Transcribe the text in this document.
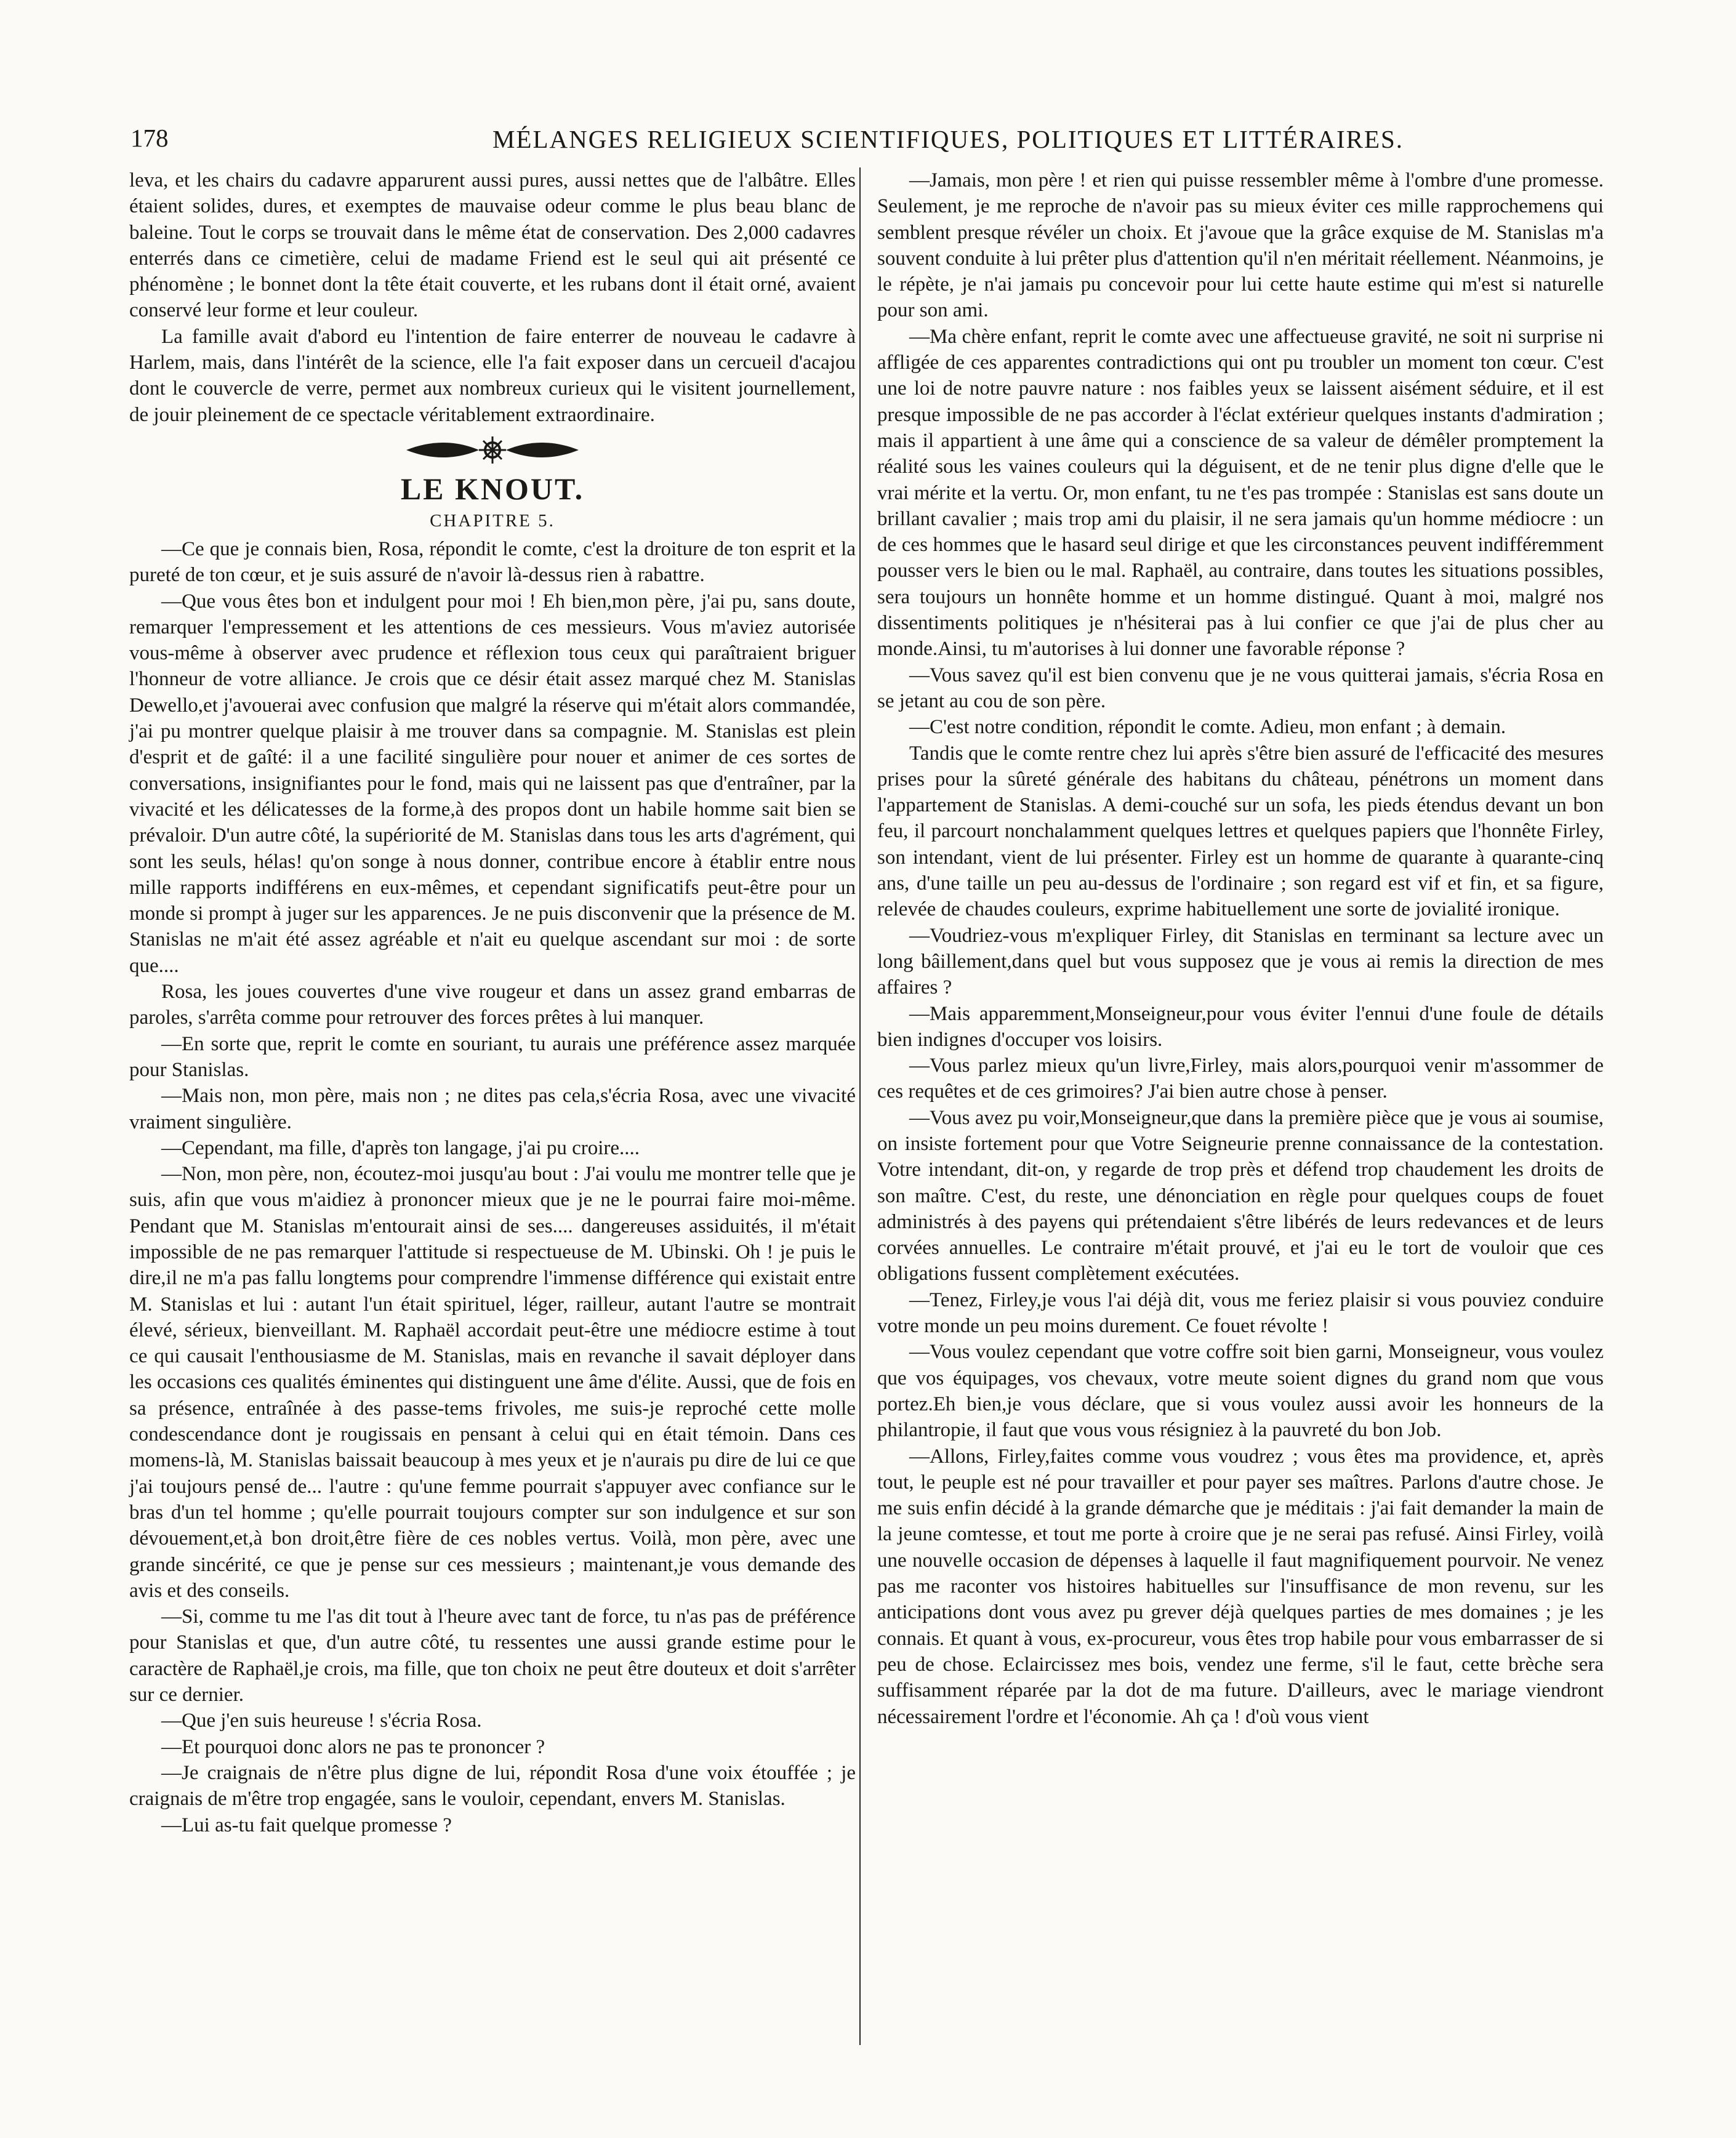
178	MÉLANGES RELIGIEUX SCIENTIFIQUES, POLITIQUES ET LITTÉRAIRES.

leva, et les chairs du cadavre apparurent aussi pures, aussi nettes que de l'albâtre. Elles étaient solides, dures, et exemptes de mauvaise odeur comme le plus beau blanc de baleine. Tout le corps se trouvait dans le même état de conservation. Des 2,000 cadavres enterrés dans ce cimetière, celui de madame Friend est le seul qui ait présenté ce phénomène ; le bonnet dont la tête était couverte, et les rubans dont il était orné, avaient conservé leur forme et leur couleur.

La famille avait d'abord eu l'intention de faire enterrer de nouveau le cadavre à Harlem, mais, dans l'intérêt de la science, elle l'a fait exposer dans un cercueil d'acajou dont le couvercle de verre, permet aux nombreux curieux qui le visitent journellement, de jouir pleinement de ce spectacle véritablement extraordinaire.

LE KNOUT.
CHAPITRE 5.

—Ce que je connais bien, Rosa, répondit le comte, c'est la droiture de ton esprit et la pureté de ton cœur, et je suis assuré de n'avoir là-dessus rien à rabattre.

—Que vous êtes bon et indulgent pour moi ! Eh bien,mon père, j'ai pu, sans doute, remarquer l'empressement et les attentions de ces messieurs. Vous m'aviez autorisée vous-même à observer avec prudence et réflexion tous ceux qui paraîtraient briguer l'honneur de votre alliance. Je crois que ce désir était assez marqué chez M. Stanislas Dewello,et j'avouerai avec confusion que malgré la réserve qui m'était alors commandée, j'ai pu montrer quelque plaisir à me trouver dans sa compagnie. M. Stanislas est plein d'esprit et de gaîté: il a une facilité singulière pour nouer et animer de ces sortes de conversations, insignifiantes pour le fond, mais qui ne laissent pas que d'entraîner, par la vivacité et les délicatesses de la forme,à des propos dont un habile homme sait bien se prévaloir. D'un autre côté, la supériorité de M. Stanislas dans tous les arts d'agrément, qui sont les seuls, hélas! qu'on songe à nous donner, contribue encore à établir entre nous mille rapports indifférens en eux-mêmes, et cependant significatifs peut-être pour un monde si prompt à juger sur les apparences. Je ne puis disconvenir que la présence de M. Stanislas ne m'ait été assez agréable et n'ait eu quelque ascendant sur moi : de sorte que....

Rosa, les joues couvertes d'une vive rougeur et dans un assez grand embarras de paroles, s'arrêta comme pour retrouver des forces prêtes à lui manquer.

—En sorte que, reprit le comte en souriant, tu aurais une préférence assez marquée pour Stanislas.

—Mais non, mon père, mais non ; ne dites pas cela,s'écria Rosa, avec une vivacité vraiment singulière.

—Cependant, ma fille, d'après ton langage, j'ai pu croire....

—Non, mon père, non, écoutez-moi jusqu'au bout : J'ai voulu me montrer telle que je suis, afin que vous m'aidiez à prononcer mieux que je ne le pourrai faire moi-même. Pendant que M. Stanislas m'entourait ainsi de ses.... dangereuses assiduités, il m'était impossible de ne pas remarquer l'attitude si respectueuse de M. Ubinski. Oh ! je puis le dire,il ne m'a pas fallu longtems pour comprendre l'immense différence qui existait entre M. Stanislas et lui : autant l'un était spirituel, léger, railleur, autant l'autre se montrait élevé, sérieux, bienveillant. M. Raphaël accordait peut-être une médiocre estime à tout ce qui causait l'enthousiasme de M. Stanislas, mais en revanche il savait déployer dans les occasions ces qualités éminentes qui distinguent une âme d'élite. Aussi, que de fois en sa présence, entraînée à des passe-tems frivoles, me suis-je reproché cette molle condescendance dont je rougissais en pensant à celui qui en était témoin. Dans ces momens-là, M. Stanislas baissait beaucoup à mes yeux et je n'aurais pu dire de lui ce que j'ai toujours pensé de... l'autre : qu'une femme pourrait s'appuyer avec confiance sur le bras d'un tel homme ; qu'elle pourrait toujours compter sur son indulgence et sur son dévouement,et,à bon droit,être fière de ces nobles vertus. Voilà, mon père, avec une grande sincérité, ce que je pense sur ces messieurs ; maintenant,je vous demande des avis et des conseils.

—Si, comme tu me l'as dit tout à l'heure avec tant de force, tu n'as pas de préférence pour Stanislas et que, d'un autre côté, tu ressentes une aussi grande estime pour le caractère de Raphaël,je crois, ma fille, que ton choix ne peut être douteux et doit s'arrêter sur ce dernier.

—Que j'en suis heureuse ! s'écria Rosa.

—Et pourquoi donc alors ne pas te prononcer ?

—Je craignais de n'être plus digne de lui, répondit Rosa d'une voix étouffée ; je craignais de m'être trop engagée, sans le vouloir, cependant, envers M. Stanislas.

—Lui as-tu fait quelque promesse ?

—Jamais, mon père ! et rien qui puisse ressembler même à l'ombre d'une promesse. Seulement, je me reproche de n'avoir pas su mieux éviter ces mille rapprochemens qui semblent presque révéler un choix. Et j'avoue que la grâce exquise de M. Stanislas m'a souvent conduite à lui prêter plus d'attention qu'il n'en méritait réellement. Néanmoins, je le répète, je n'ai jamais pu concevoir pour lui cette haute estime qui m'est si naturelle pour son ami.

—Ma chère enfant, reprit le comte avec une affectueuse gravité, ne soit ni surprise ni affligée de ces apparentes contradictions qui ont pu troubler un moment ton cœur. C'est une loi de notre pauvre nature : nos faibles yeux se laissent aisément séduire, et il est presque impossible de ne pas accorder à l'éclat extérieur quelques instants d'admiration ; mais il appartient à une âme qui a conscience de sa valeur de démêler promptement la réalité sous les vaines couleurs qui la déguisent, et de ne tenir plus digne d'elle que le vrai mérite et la vertu. Or, mon enfant, tu ne t'es pas trompée : Stanislas est sans doute un brillant cavalier ; mais trop ami du plaisir, il ne sera jamais qu'un homme médiocre : un de ces hommes que le hasard seul dirige et que les circonstances peuvent indifféremment pousser vers le bien ou le mal. Raphaël, au contraire, dans toutes les situations possibles, sera toujours un honnête homme et un homme distingué. Quant à moi, malgré nos dissentiments politiques je n'hésiterai pas à lui confier ce que j'ai de plus cher au monde.Ainsi, tu m'autorises à lui donner une favorable réponse ?

—Vous savez qu'il est bien convenu que je ne vous quitterai jamais, s'écria Rosa en se jetant au cou de son père.

—C'est notre condition, répondit le comte. Adieu, mon enfant ; à demain.

Tandis que le comte rentre chez lui après s'être bien assuré de l'efficacité des mesures prises pour la sûreté générale des habitans du château, pénétrons un moment dans l'appartement de Stanislas. A demi-couché sur un sofa, les pieds étendus devant un bon feu, il parcourt nonchalamment quelques lettres et quelques papiers que l'honnête Firley, son intendant, vient de lui présenter. Firley est un homme de quarante à quarante-cinq ans, d'une taille un peu au-dessus de l'ordinaire ; son regard est vif et fin, et sa figure, relevée de chaudes couleurs, exprime habituellement une sorte de jovialité ironique.

—Voudriez-vous m'expliquer Firley, dit Stanislas en terminant sa lecture avec un long bâillement,dans quel but vous supposez que je vous ai remis la direction de mes affaires ?

—Mais apparemment,Monseigneur,pour vous éviter l'ennui d'une foule de détails bien indignes d'occuper vos loisirs.

—Vous parlez mieux qu'un livre,Firley, mais alors,pourquoi venir m'assommer de ces requêtes et de ces grimoires? J'ai bien autre chose à penser.

—Vous avez pu voir,Monseigneur,que dans la première pièce que je vous ai soumise, on insiste fortement pour que Votre Seigneurie prenne connaissance de la contestation. Votre intendant, dit-on, y regarde de trop près et défend trop chaudement les droits de son maître. C'est, du reste, une dénonciation en règle pour quelques coups de fouet administrés à des payens qui prétendaient s'être libérés de leurs redevances et de leurs corvées annuelles. Le contraire m'était prouvé, et j'ai eu le tort de vouloir que ces obligations fussent complètement exécutées.

—Tenez, Firley,je vous l'ai déjà dit, vous me feriez plaisir si vous pouviez conduire votre monde un peu moins durement. Ce fouet révolte !

—Vous voulez cependant que votre coffre soit bien garni, Monseigneur, vous voulez que vos équipages, vos chevaux, votre meute soient dignes du grand nom que vous portez.Eh bien,je vous déclare, que si vous voulez aussi avoir les honneurs de la philantropie, il faut que vous vous résigniez à la pauvreté du bon Job.

—Allons, Firley,faites comme vous voudrez ; vous êtes ma providence, et, après tout, le peuple est né pour travailler et pour payer ses maîtres. Parlons d'autre chose. Je me suis enfin décidé à la grande démarche que je méditais : j'ai fait demander la main de la jeune comtesse, et tout me porte à croire que je ne serai pas refusé. Ainsi Firley, voilà une nouvelle occasion de dépenses à laquelle il faut magnifiquement pourvoir. Ne venez pas me raconter vos histoires habituelles sur l'insuffisance de mon revenu, sur les anticipations dont vous avez pu grever déjà quelques parties de mes domaines ; je les connais. Et quant à vous, ex-procureur, vous êtes trop habile pour vous embarrasser de si peu de chose. Eclaircissez mes bois, vendez une ferme, s'il le faut, cette brèche sera suffisamment réparée par la dot de ma future. D'ailleurs, avec le mariage viendront nécessairement l'ordre et l'économie. Ah ça ! d'où vous vient
